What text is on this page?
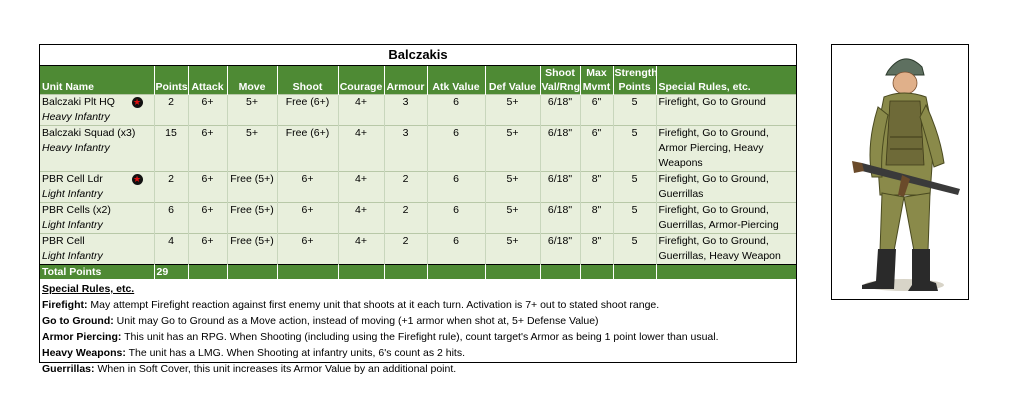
Balczakis
Unit Name	Points	Attack	Move	Shoot	Courage	Armour	Atk Value	Def Value	Shoot Val/Rng	Max Mvmt	Strength Points	Special Rules, etc.

Balczaki Plt HQ ★
Heavy Infantry	2	6+	5+	Free (6+)	4+	3	6	5+	6/18"	6"	5	Firefight, Go to Ground

Balczaki Squad (x3)
Heavy Infantry	15	6+	5+	Free (6+)	4+	3	6	5+	6/18"	6"	5	Firefight, Go to Ground, Armor Piercing, Heavy Weapons

PBR Cell Ldr ★
Light Infantry	2	6+	Free (5+)	6+	4+	2	6	5+	6/18"	8"	5	Firefight, Go to Ground, Guerrillas

PBR Cells (x2)
Light Infantry	6	6+	Free (5+)	6+	4+	2	6	5+	6/18"	8"	5	Firefight, Go to Ground, Guerrillas, Armor-Piercing

PBR Cell
Light Infantry	4	6+	Free (5+)	6+	4+	2	6	5+	6/18"	8"	5	Firefight, Go to Ground, Guerrillas, Heavy Weapon
Total Points	29											
Special Rules, etc.
Firefight: May attempt Firefight reaction against first enemy unit that shoots at it each turn. Activation is 7+ out to stated shoot range.
Go to Ground: Unit may Go to Ground as a Move action, instead of moving (+1 armor when shot at, 5+ Defense Value)
Armor Piercing: This unit has an RPG. When Shooting (including using the Firefight rule), count target's Armor as being 1 point lower than usual.
Heavy Weapons: The unit has a LMG. When Shooting at infantry units, 6's count as 2 hits.
Guerrillas: When in Soft Cover, this unit increases its Armor Value by an additional point.
